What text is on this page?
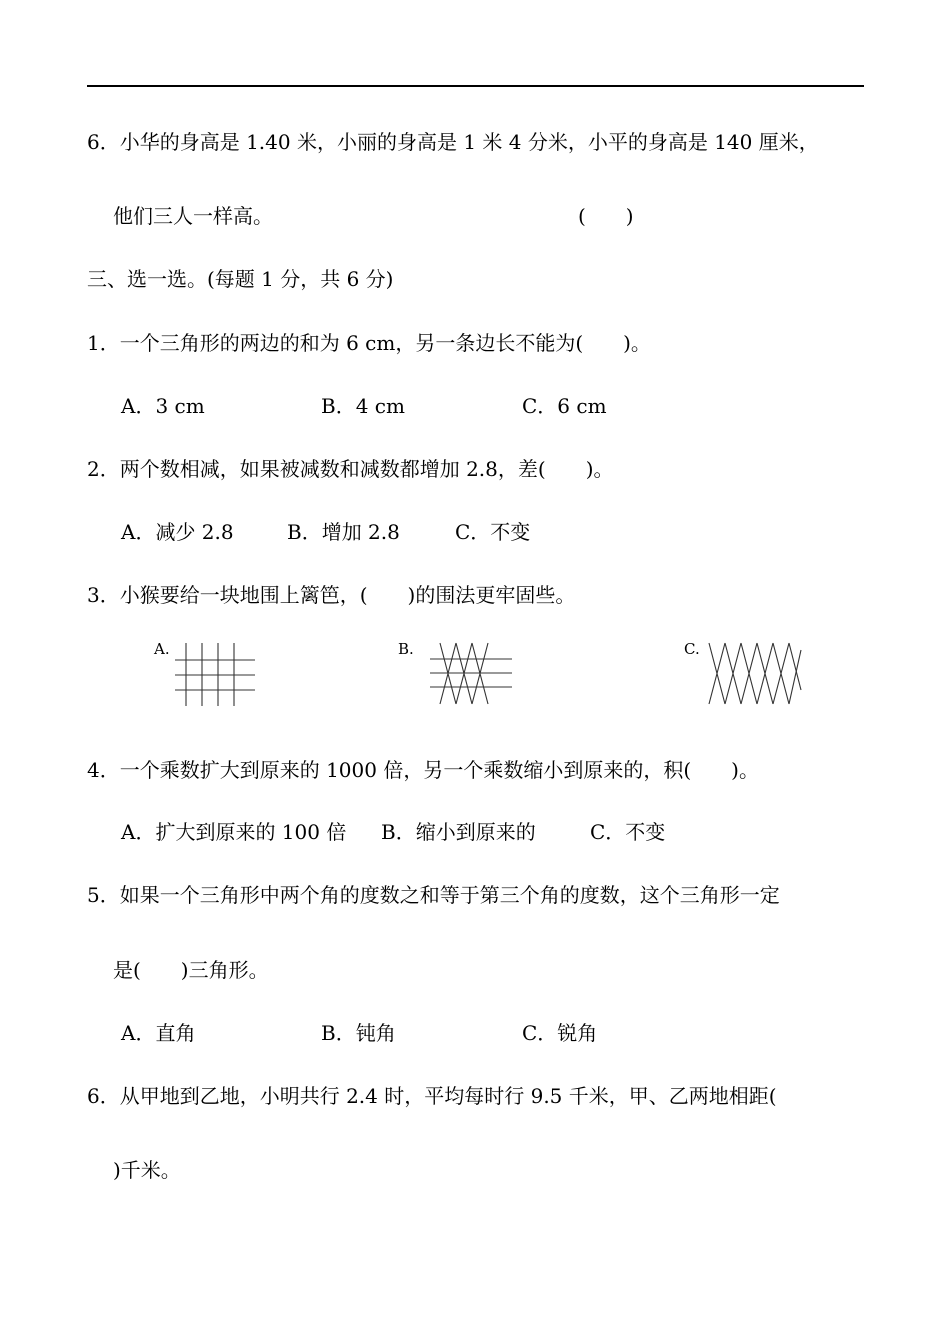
6．小华的身高是 1.40 米，小丽的身高是 1 米 4 分米，小平的身高是 140 厘米，
他们三人一样高。	(　　)
三、选一选。(每题 1 分，共 6 分)
1．一个三角形的两边的和为 6 cm，另一条边长不能为(　　)。
A．3 cm	B．4 cm	C．6 cm
2．两个数相减，如果被减数和减数都增加 2.8，差(　　)。
A．减少 2.8	B．增加 2.8	C．不变
3．小猴要给一块地围上篱笆，(　　)的围法更牢固些。
A.	B.	C.
4．一个乘数扩大到原来的 1000 倍，另一个乘数缩小到原来的，积(　　)。
A．扩大到原来的 100 倍 B．缩小到原来的	C．不变
5．如果一个三角形中两个角的度数之和等于第三个角的度数，这个三角形一定
是(　　)三角形。
A．直角	B．钝角	C．锐角
6．从甲地到乙地，小明共行 2.4 时，平均每时行 9.5 千米，甲、乙两地相距(
)千米。
